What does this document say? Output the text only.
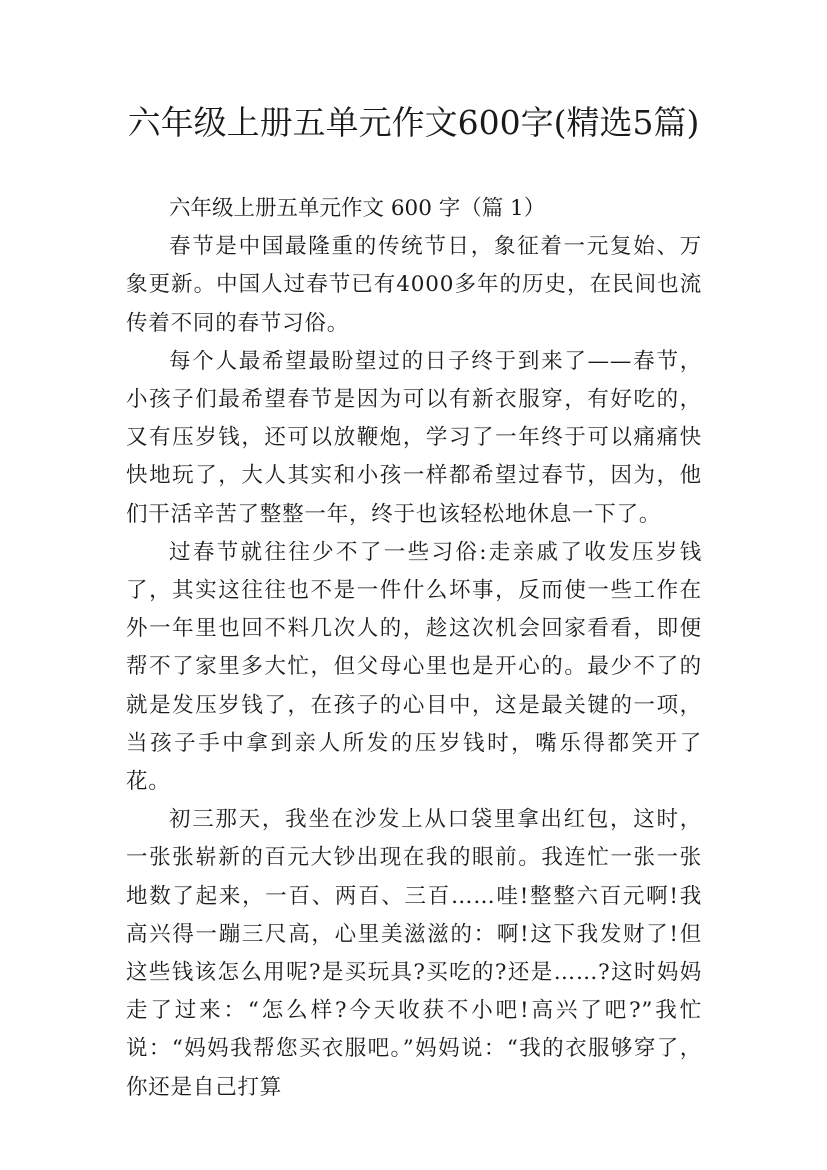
六年级上册五单元作文600字(精选5篇)

六年级上册五单元作文 600 字（篇 1）

春节是中国最隆重的传统节日，象征着一元复始、万象更新。中国人过春节已有4000多年的历史，在民间也流传着不同的春节习俗。

每个人最希望最盼望过的日子终于到来了——春节，小孩子们最希望春节是因为可以有新衣服穿，有好吃的，又有压岁钱，还可以放鞭炮，学习了一年终于可以痛痛快快地玩了，大人其实和小孩一样都希望过春节，因为，他们干活辛苦了整整一年，终于也该轻松地休息一下了。

过春节就往往少不了一些习俗:走亲戚了收发压岁钱了，其实这往往也不是一件什么坏事，反而使一些工作在外一年里也回不料几次人的，趁这次机会回家看看，即便帮不了家里多大忙，但父母心里也是开心的。最少不了的就是发压岁钱了，在孩子的心目中，这是最关键的一项，当孩子手中拿到亲人所发的压岁钱时，嘴乐得都笑开了花。

初三那天，我坐在沙发上从口袋里拿出红包，这时，一张张崭新的百元大钞出现在我的眼前。我连忙一张一张地数了起来，一百、两百、三百……哇!整整六百元啊!我高兴得一蹦三尺高，心里美滋滋的：啊!这下我发财了!但这些钱该怎么用呢?是买玩具?买吃的?还是……?这时妈妈走了过来：“怎么样?今天收获不小吧!高兴了吧?”我忙说：“妈妈我帮您买衣服吧。”妈妈说：“我的衣服够穿了，你还是自己打算
